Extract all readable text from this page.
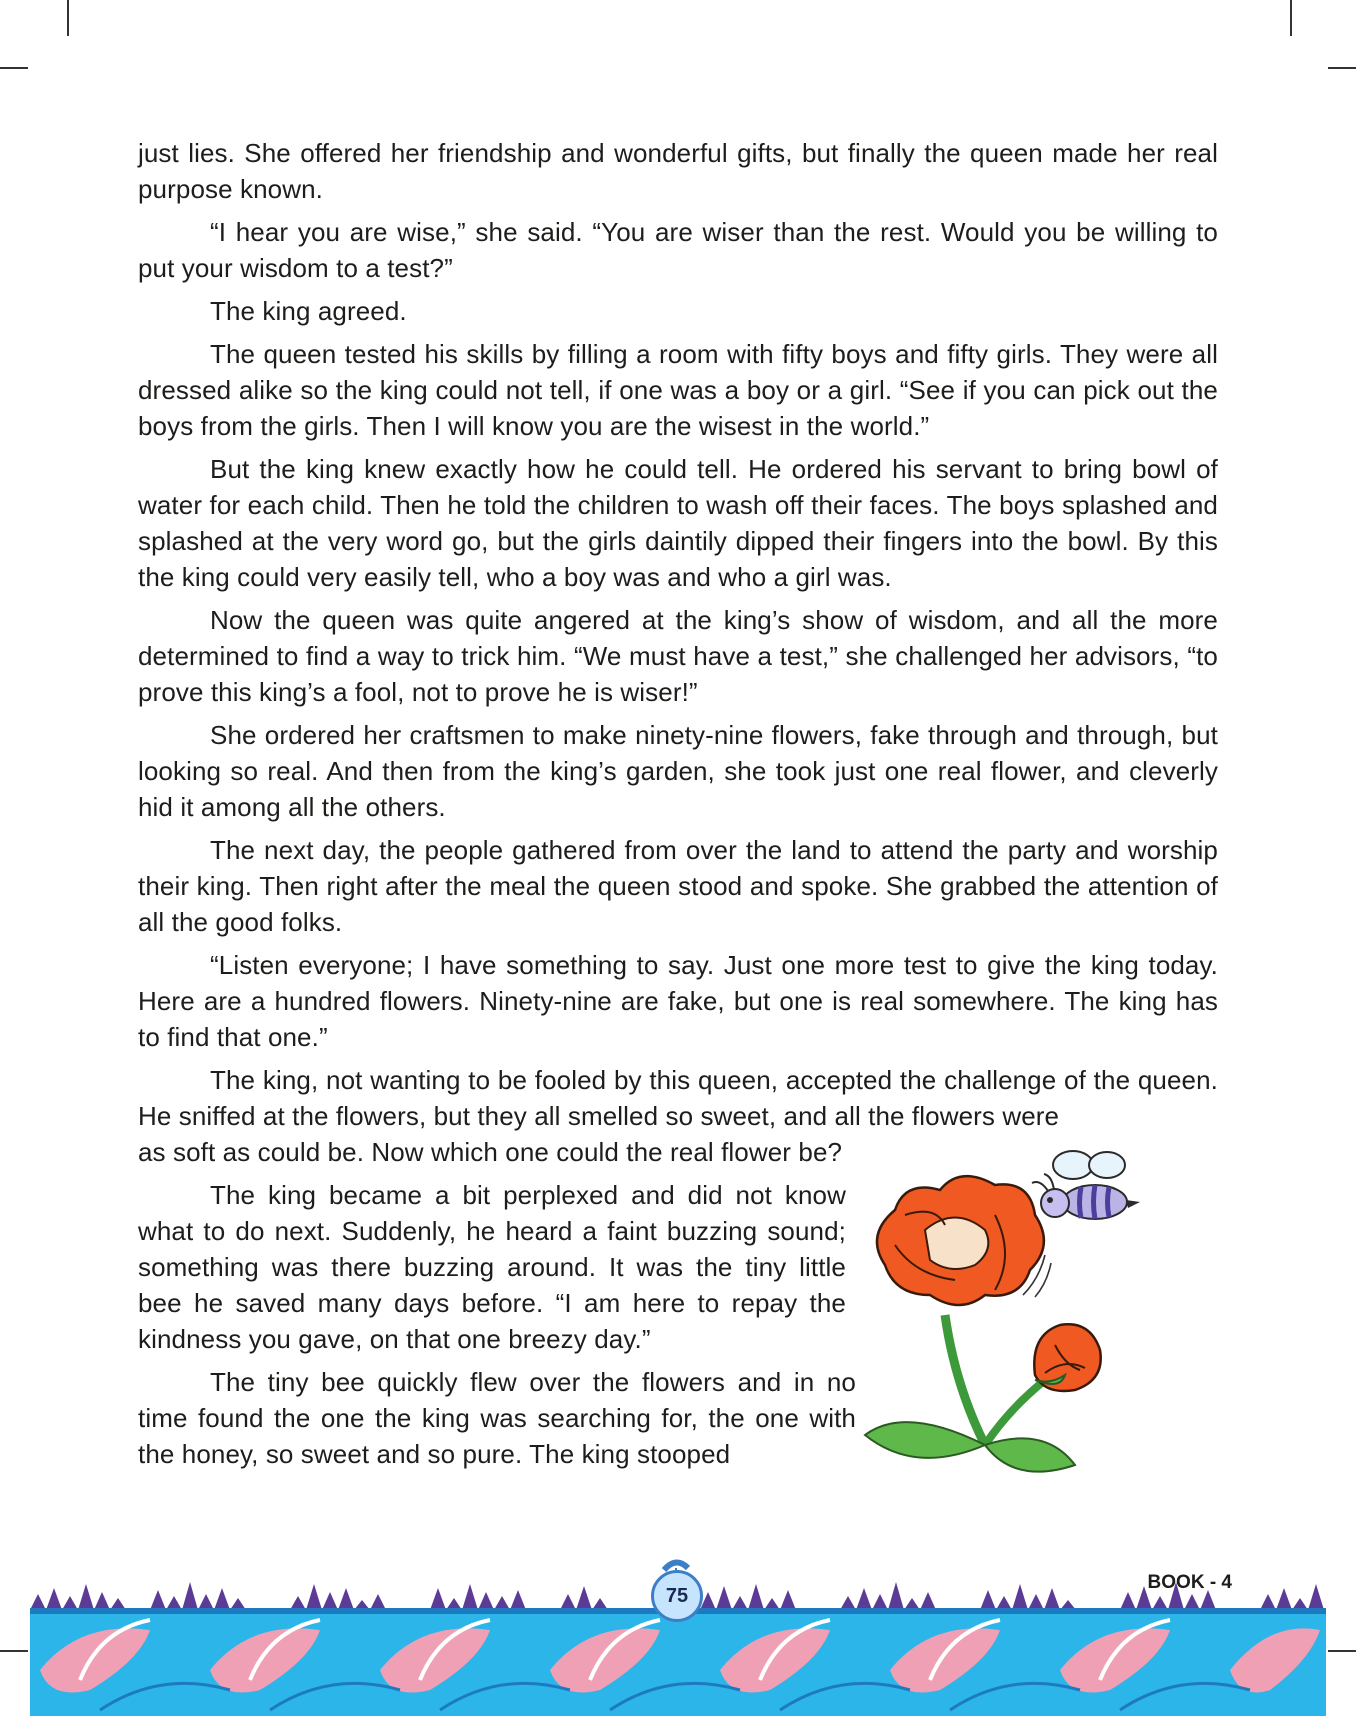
just lies. She offered her friendship and wonderful gifts, but finally the queen made her real purpose known.

“I hear you are wise,” she said. “You are wiser than the rest. Would you be willing to put your wisdom to a test?”

The king agreed.

The queen tested his skills by filling a room with fifty boys and fifty girls. They were all dressed alike so the king could not tell, if one was a boy or a girl. “See if you can pick out the boys from the girls. Then I will know you are the wisest in the world.”

But the king knew exactly how he could tell. He ordered his servant to bring bowl of water for each child. Then he told the children to wash off their faces. The boys splashed and splashed at the very word go, but the girls daintily dipped their fingers into the bowl. By this the king could very easily tell, who a boy was and who a girl was.

Now the queen was quite angered at the king’s show of wisdom, and all the more determined to find a way to trick him. “We must have a test,” she challenged her advisors, “to prove this king’s a fool, not to prove he is wiser!”

She ordered her craftsmen to make ninety-nine flowers, fake through and through, but looking so real. And then from the king’s garden, she took just one real flower, and cleverly hid it among all the others.

The next day, the people gathered from over the land to attend the party and worship their king. Then right after the meal the queen stood and spoke. She grabbed the attention of all the good folks.

“Listen everyone; I have something to say. Just one more test to give the king today. Here are a hundred flowers. Ninety-nine are fake, but one is real somewhere. The king has to find that one.”

The king, not wanting to be fooled by this queen, accepted the challenge of the queen. He sniffed at the flowers, but they all smelled so sweet, and all the flowers were

as soft as could be. Now which one could the real flower be?

The king became a bit perplexed and did not know what to do next. Suddenly, he heard a faint buzzing sound; something was there buzzing around. It was the tiny little bee he saved many days before. “I am here to repay the kindness you gave, on that one breezy day.”

The tiny bee quickly flew over the flowers and in no time found the one the king was searching for, the one with the honey, so sweet and so pure. The king stooped

75
BOOK - 4
